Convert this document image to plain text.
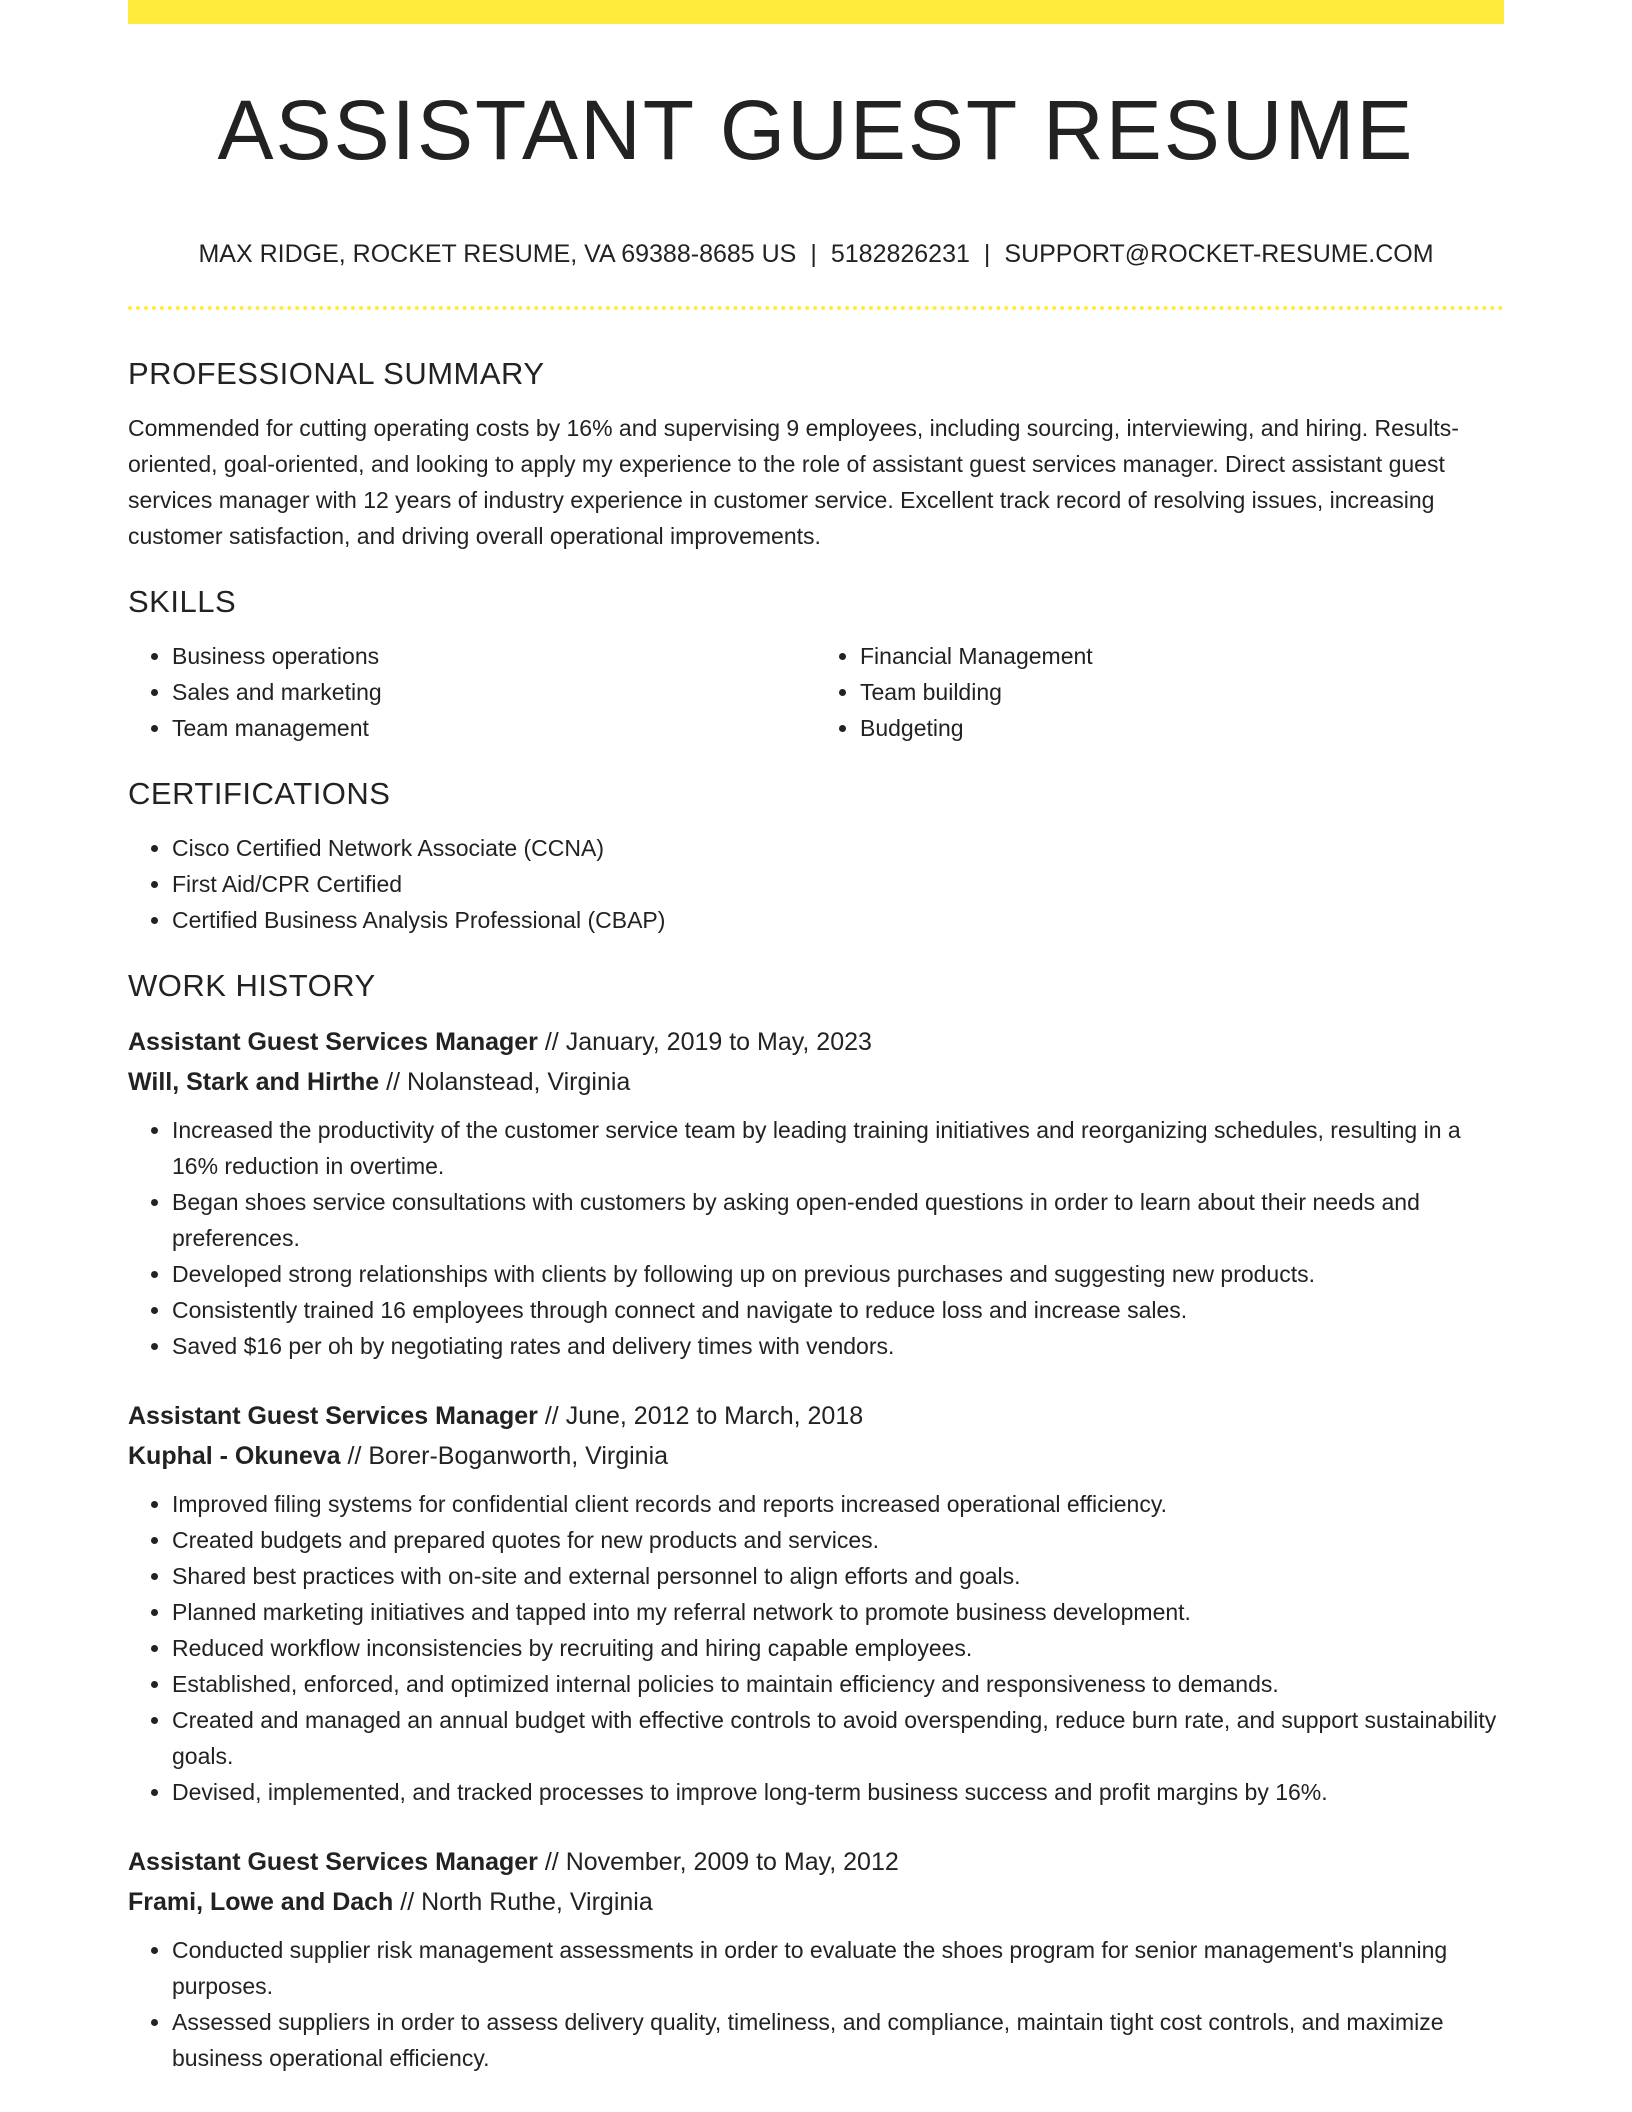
ASSISTANT GUEST RESUME
MAX RIDGE, ROCKET RESUME, VA 69388-8685 US | 5182826231 | SUPPORT@ROCKET-RESUME.COM
PROFESSIONAL SUMMARY

Commended for cutting operating costs by 16% and supervising 9 employees, including sourcing, interviewing, and hiring. Results-oriented, goal-oriented, and looking to apply my experience to the role of assistant guest services manager. Direct assistant guest services manager with 12 years of industry experience in customer service. Excellent track record of resolving issues, increasing customer satisfaction, and driving overall operational improvements.

SKILLS
• Business operations
• Sales and marketing
• Team management
• Financial Management
• Team building
• Budgeting
CERTIFICATIONS
• Cisco Certified Network Associate (CCNA)
• First Aid/CPR Certified
• Certified Business Analysis Professional (CBAP)
WORK HISTORY
Assistant Guest Services Manager // January, 2019 to May, 2023
Will, Stark and Hirthe // Nolanstead, Virginia
• Increased the productivity of the customer service team by leading training initiatives and reorganizing schedules, resulting in a 16% reduction in overtime.
• Began shoes service consultations with customers by asking open-ended questions in order to learn about their needs and preferences.
• Developed strong relationships with clients by following up on previous purchases and suggesting new products.
• Consistently trained 16 employees through connect and navigate to reduce loss and increase sales.
• Saved $16 per oh by negotiating rates and delivery times with vendors.
Assistant Guest Services Manager // June, 2012 to March, 2018
Kuphal - Okuneva // Borer-Boganworth, Virginia
• Improved filing systems for confidential client records and reports increased operational efficiency.
• Created budgets and prepared quotes for new products and services.
• Shared best practices with on-site and external personnel to align efforts and goals.
• Planned marketing initiatives and tapped into my referral network to promote business development.
• Reduced workflow inconsistencies by recruiting and hiring capable employees.
• Established, enforced, and optimized internal policies to maintain efficiency and responsiveness to demands.
• Created and managed an annual budget with effective controls to avoid overspending, reduce burn rate, and support sustainability goals.
• Devised, implemented, and tracked processes to improve long-term business success and profit margins by 16%.
Assistant Guest Services Manager // November, 2009 to May, 2012
Frami, Lowe and Dach // North Ruthe, Virginia
• Conducted supplier risk management assessments in order to evaluate the shoes program for senior management's planning purposes.
• Assessed suppliers in order to assess delivery quality, timeliness, and compliance, maintain tight cost controls, and maximize business operational efficiency.
